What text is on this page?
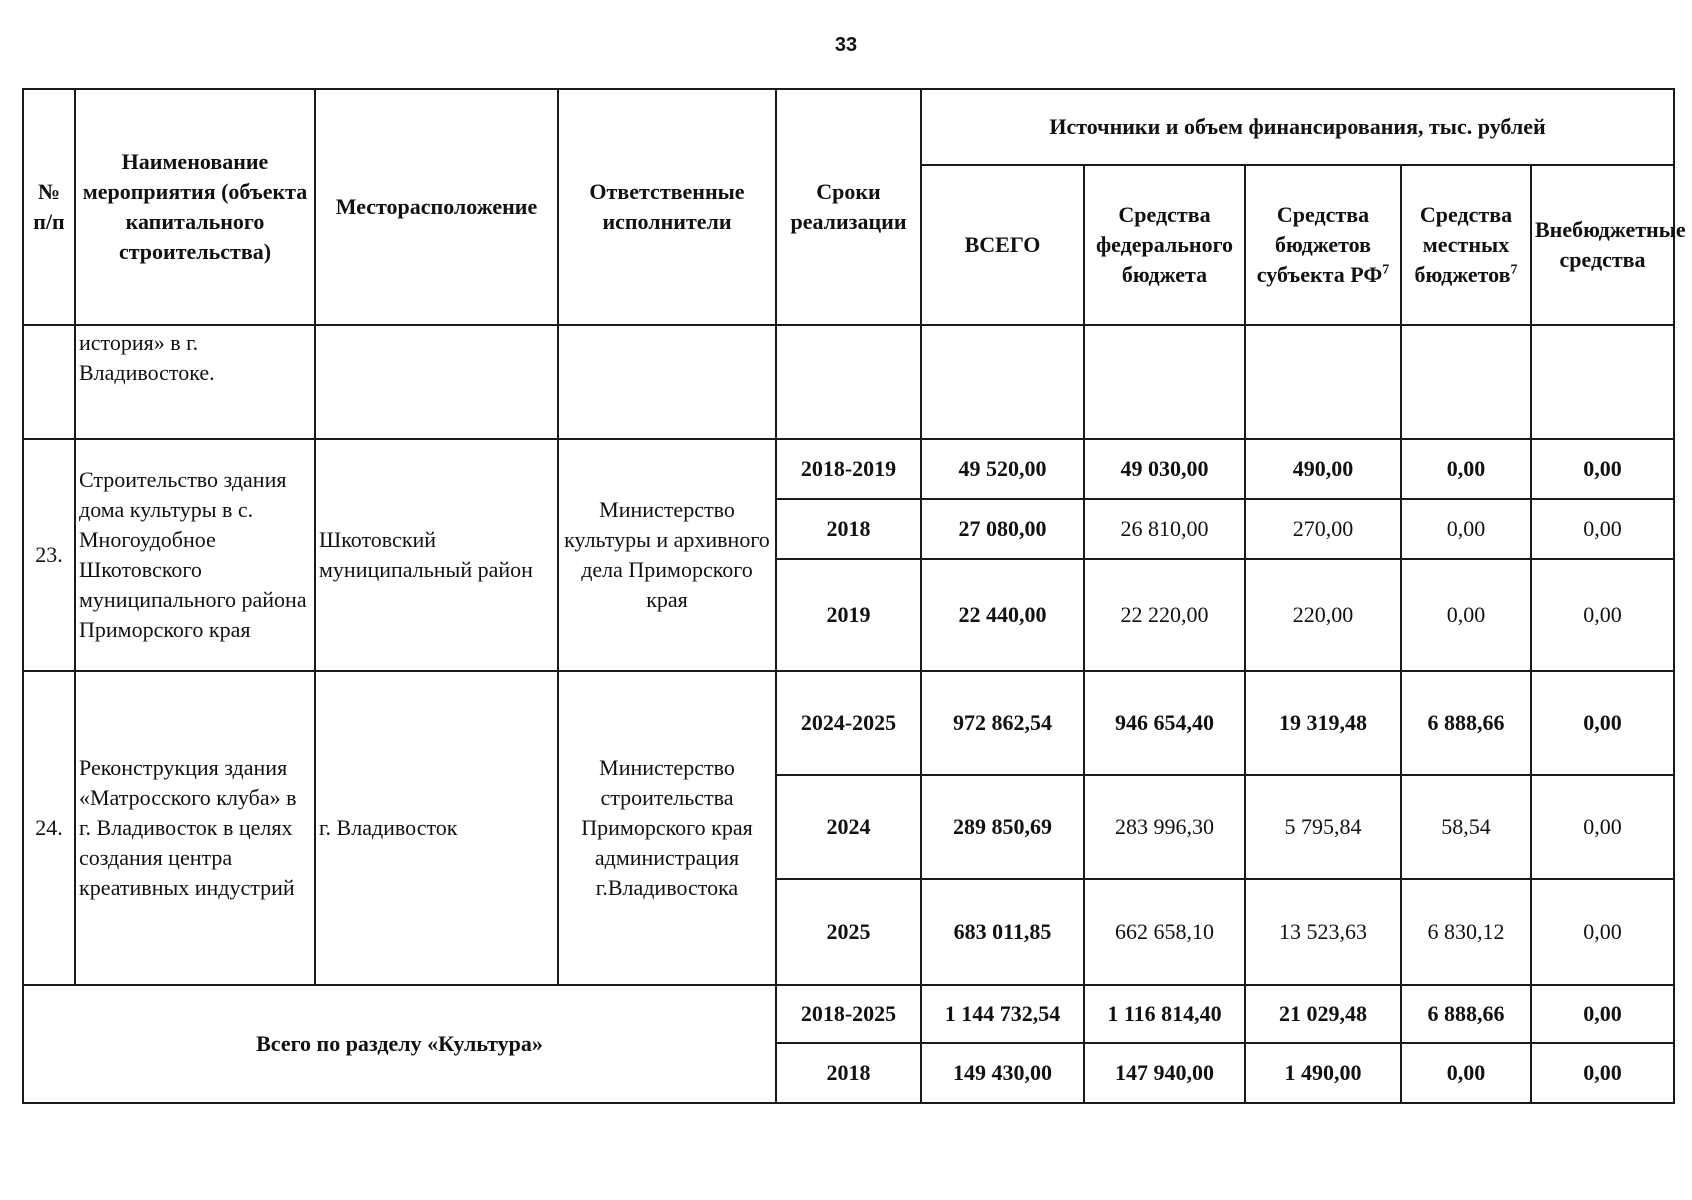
33
№ п/п	Наименование мероприятия (объекта капитального строительства)	Месторасположение	Ответственные исполнители	Сроки реализации	Источники и объем финансирования, тыс. рублей				
					ВСЕГО	Средства федерального бюджета	Средства бюджетов субъекта $РФ^7$	Средства местных бюджетов$^7$	Внебюджетные средства
	история» в г. Владивостоке.								
23.	Строительство здания дома культуры в с. Многоудобное Шкотовского муниципального района Приморского края	Шкотовский муниципальный район	Министерство культуры и архивного дела Приморского края	2018-2019	49 520,00	49 030,00	490,00	0,00	0,00
				2018	27 080,00	26 810,00	270,00	0,00	0,00
				2019	22 440,00	22 220,00	220,00	0,00	0,00
24.	Реконструкция здания «Матросского клуба» в г. Владивосток в целях создания центра креативных индустрий	г. Владивосток	Министерство строительства Приморского края администрация г.Владивостока	2024-2025	972 862,54	946 654,40	19 319,48	6 888,66	0,00
				2024	289 850,69	283 996,30	5 795,84	58,54	0,00
				2025	683 011,85	662 658,10	13 523,63	6 830,12	0,00
Всего по разделу «Культура»				2018-2025	1 144 732,54	1 116 814,40	21 029,48	6 888,66	0,00
				2018	149 430,00	147 940,00	1 490,00	0,00	0,00
